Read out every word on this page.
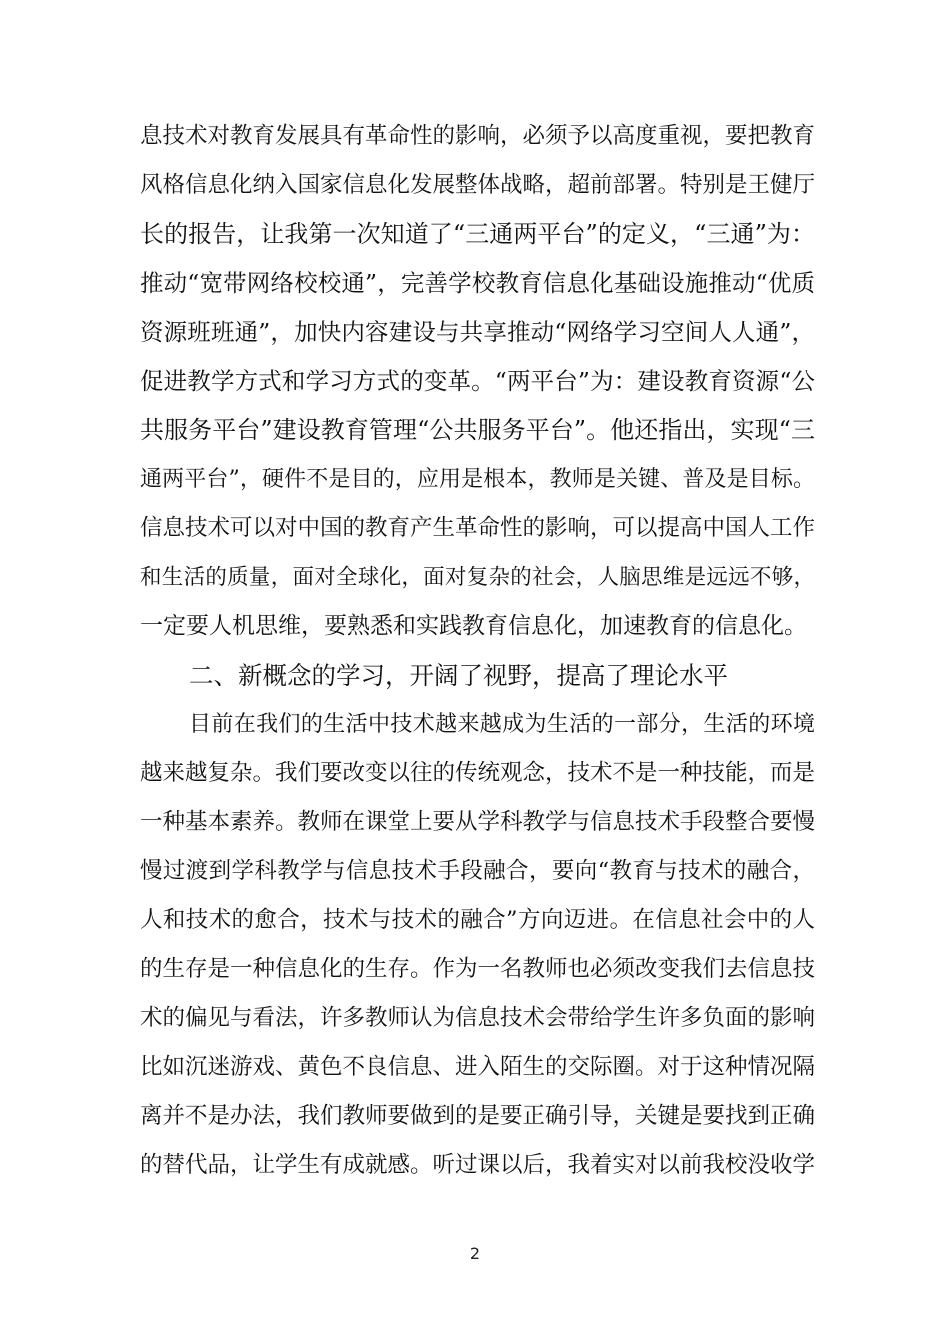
息技术对教育发展具有革命性的影响，必须予以高度重视，要把教育
风格信息化纳入国家信息化发展整体战略，超前部署。特别是王健厅
长的报告，让我第一次知道了“三通两平台”的定义，“三通”为：
推动“宽带网络校校通”，完善学校教育信息化基础设施推动“优质
资源班班通”，加快内容建设与共享推动“网络学习空间人人通”，
促进教学方式和学习方式的变革。“两平台”为：建设教育资源“公
共服务平台”建设教育管理“公共服务平台”。他还指出，实现“三
通两平台”，硬件不是目的，应用是根本，教师是关键、普及是目标。
信息技术可以对中国的教育产生革命性的影响，可以提高中国人工作
和生活的质量，面对全球化，面对复杂的社会，人脑思维是远远不够，
一定要人机思维，要熟悉和实践教育信息化，加速教育的信息化。
二、新概念的学习，开阔了视野，提高了理论水平
目前在我们的生活中技术越来越成为生活的一部分，生活的环境
越来越复杂。我们要改变以往的传统观念，技术不是一种技能，而是
一种基本素养。教师在课堂上要从学科教学与信息技术手段整合要慢
慢过渡到学科教学与信息技术手段融合，要向“教育与技术的融合，
人和技术的愈合，技术与技术的融合”方向迈进。在信息社会中的人
的生存是一种信息化的生存。作为一名教师也必须改变我们去信息技
术的偏见与看法，许多教师认为信息技术会带给学生许多负面的影响
比如沉迷游戏、黄色不良信息、进入陌生的交际圈。对于这种情况隔
离并不是办法，我们教师要做到的是要正确引导，关键是要找到正确
的替代品，让学生有成就感。听过课以后，我着实对以前我校没收学
2
